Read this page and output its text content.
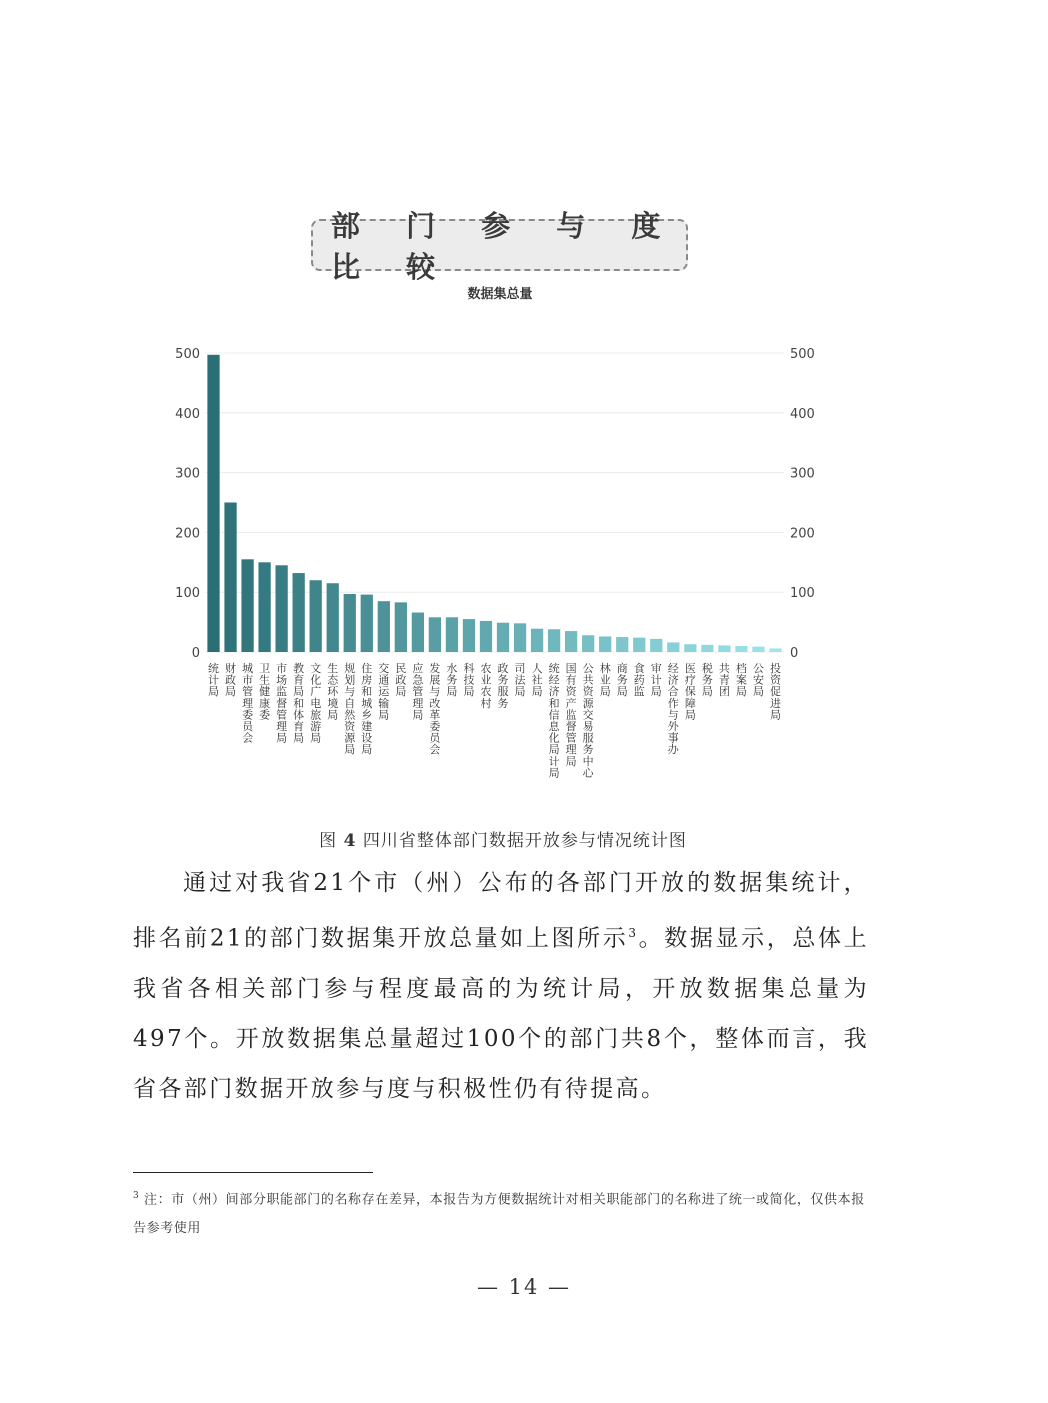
部 门 参 与 度 比 较
数据集总量
0	0
100	100
200	200
300	300
400	400
500	500
统计局
财政局
城市管理委员会
卫生健康委
市场监督管理局
教育局和体育局
文化广电旅游局
生态环境局
规划与自然资源局
住房和城乡建设局
交通运输局
民政局
应急管理局
发展与改革委员会
水务局
科技局
农业农村
政务服务
司法局
人社局
统经济和信息化局计局
国有资产监督管理局
公共资源交易服务中心
林业局
商务局
食药监
审计局
经济合作与外事办
医疗保障局
税务局
共青团
档案局
公安局
投资促进局
图 4 四川省整体部门数据开放参与情况统计图

通过对我省21个市（州）公布的各部门开放的数据集统计，排名前21的部门数据集开放总量如上图所示$^3$。数据显示，总体上我省各相关部门参与程度最高的为统计局，开放数据集总量为497个。开放数据集总量超过100个的部门共8个，整体而言，我省各部门数据开放参与度与积极性仍有待提高。

$^3$ 注：市（州）间部分职能部门的名称存在差异，本报告为方便数据统计对相关职能部门的名称进了统一或简化，仅供本报告参考使用
— 14 —
